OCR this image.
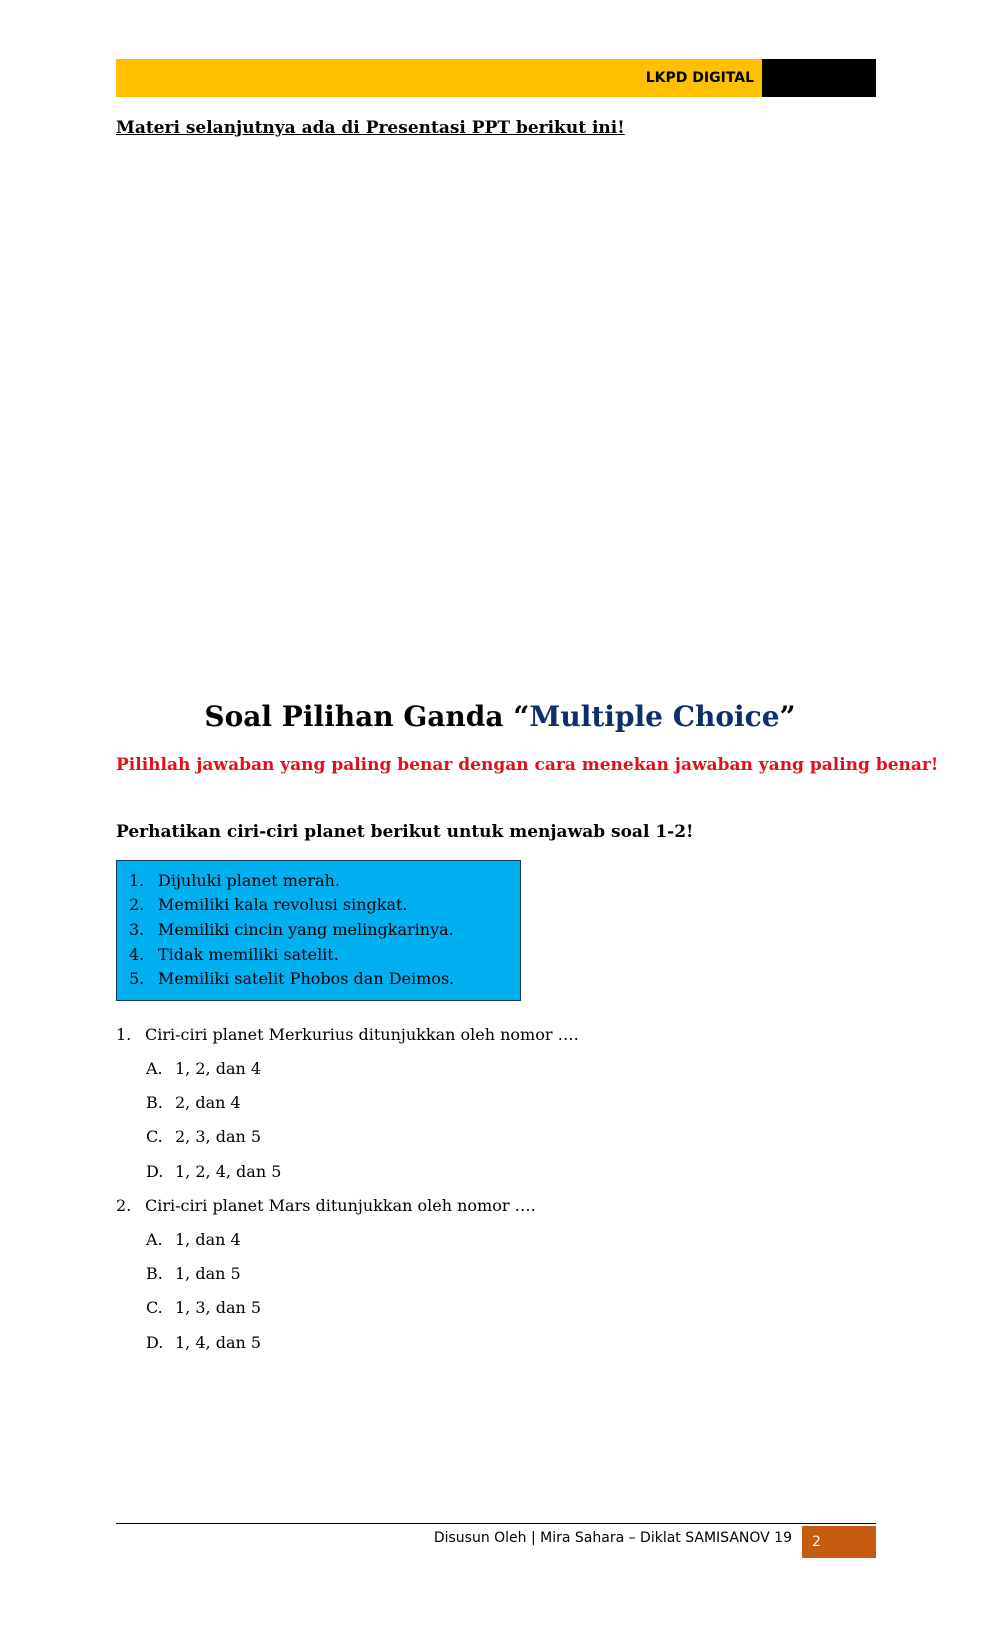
LKPD DIGITAL
Materi selanjutnya ada di Presentasi PPT berikut ini!
Soal Pilihan Ganda “Multiple Choice”
Pilihlah jawaban yang paling benar dengan cara menekan jawaban yang paling benar!
Perhatikan ciri-ciri planet berikut untuk menjawab soal 1-2!
1. Dijuluki planet merah.
2. Memiliki kala revolusi singkat.
3. Memiliki cincin yang melingkarinya.
4. Tidak memiliki satelit.
5. Memiliki satelit Phobos dan Deimos.
1. Ciri-ciri planet Merkurius ditunjukkan oleh nomor ….
A. 1, 2, dan 4
B. 2, dan 4
C. 2, 3, dan 5
D. 1, 2, 4, dan 5
2. Ciri-ciri planet Mars ditunjukkan oleh nomor ….
A. 1, dan 4
B. 1, dan 5
C. 1, 3, dan 5
D. 1, 4, dan 5
Disusun Oleh | Mira Sahara – Diklat SAMISANOV 19 2
